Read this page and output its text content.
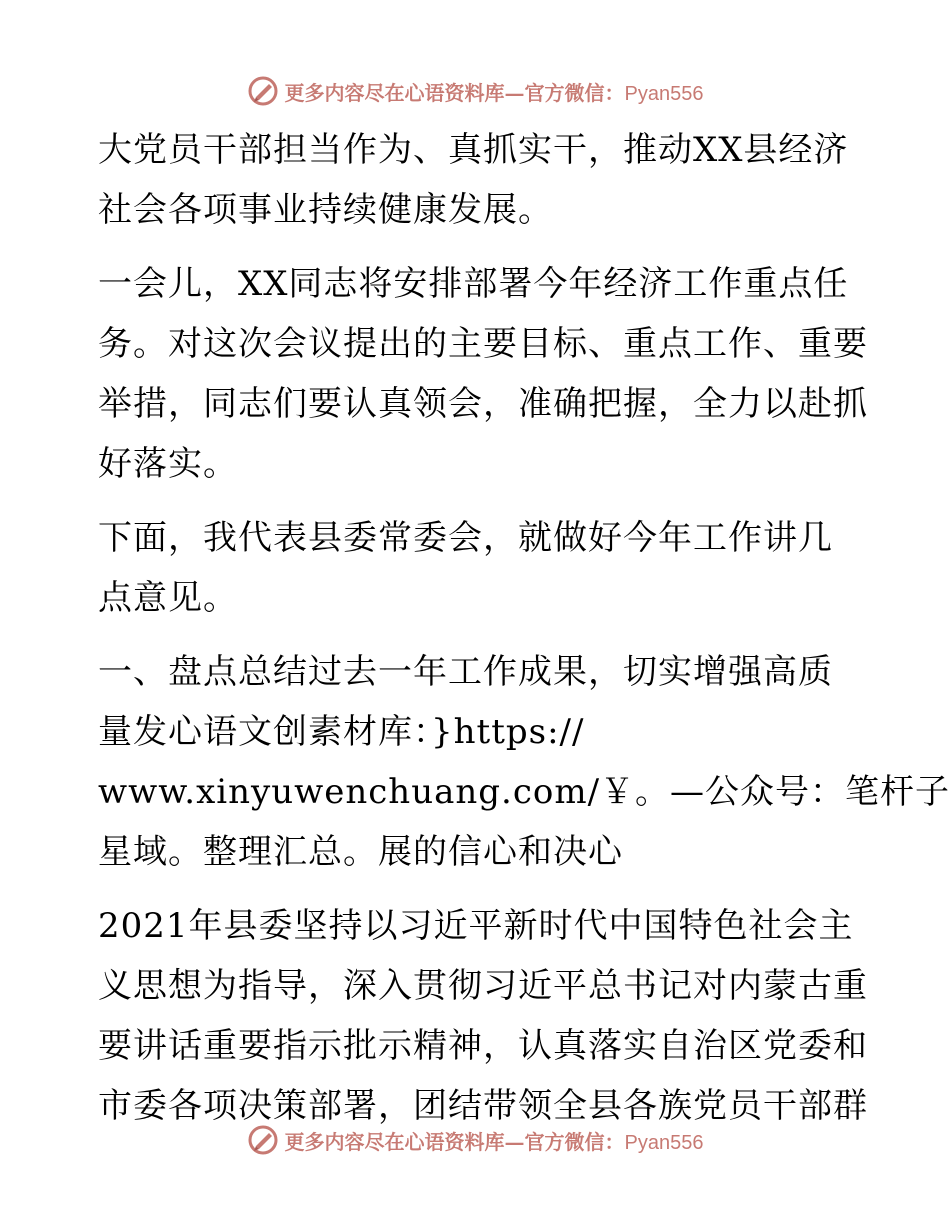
更多内容尽在心语资料库—官方微信：Pyan556

大党员干部担当作为、真抓实干，推动XX县经济
社会各项事业持续健康发展。

一会儿，XX同志将安排部署今年经济工作重点任
务。对这次会议提出的主要目标、重点工作、重要
举措，同志们要认真领会，准确把握，全力以赴抓
好落实。

下面，我代表县委常委会，就做好今年工作讲几
点意见。

一、盘点总结过去一年工作成果，切实增强高质
量发心语文创素材库：}https://
www.xinyuwenchuang.com/￥。—公众号：笔杆子
星域。整理汇总。展的信心和决心

2021年县委坚持以习近平新时代中国特色社会主
义思想为指导，深入贯彻习近平总书记对内蒙古重
要讲话重要指示批示精神，认真落实自治区党委和
市委各项决策部署，团结带领全县各族党员干部群

更多内容尽在心语资料库—官方微信：Pyan556
